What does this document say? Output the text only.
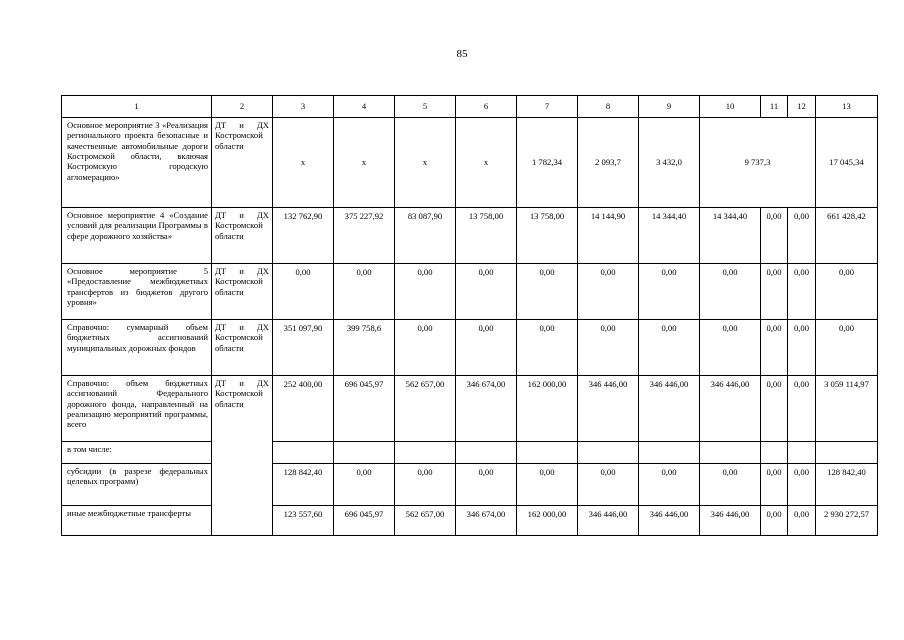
85
1	2	3	4	5	6	7	8	9	10	11	12	13
Основное мероприятие 3 «Реализация регионального проекта безопасные и качественные автомобильные дороги Костромской области, включая Костромскую городскую агломерацию»	ДТ и ДХ Костромской области	х	х	х	х	1 782,34	2 093,7	3 432,0	9 737,3			17 045,34
Основное мероприятие 4 «Создание условий для реализации Программы в сфере дорожного хозяйства»	ДТ и ДХ Костромской области	132 762,90	375 227,92	83 087,90	13 758,00	13 758,00	14 144,90	14 344,40	14 344,40	0,00	0,00	661 428,42
Основное мероприятие 5 «Предоставление межбюджетных трансфертов из бюджетов другого уровня»	ДТ и ДХ Костромской области	0,00	0,00	0,00	0,00	0,00	0,00	0,00	0,00	0,00	0,00	0,00
Справочно: суммарный объем бюджетных ассигнований муниципальных дорожных фондов	ДТ и ДХ Костромской области	351 097,90	399 758,6	0,00	0,00	0,00	0,00	0,00	0,00	0,00	0,00	0,00
Справочно: объем бюджетных ассигнований Федерального дорожного фонда, направленный на реализацию мероприятий программы, всего	ДТ и ДХ Костромской области	252 400,00	696 045,97	562 657,00	346 674,00	162 000,00	346 446,00	346 446,00	346 446,00	0,00	0,00	3 059 114,97
в том числе:												
субсидии (в разрезе федеральных целевых программ)		128 842,40	0,00	0,00	0,00	0,00	0,00	0,00	0,00	0,00	0,00	128 842,40
иные межбюджетные трансферты		123 557,60	696 045,97	562 657,00	346 674,00	162 000,00	346 446,00	346 446,00	346 446,00	0,00	0,00	2 930 272,57
